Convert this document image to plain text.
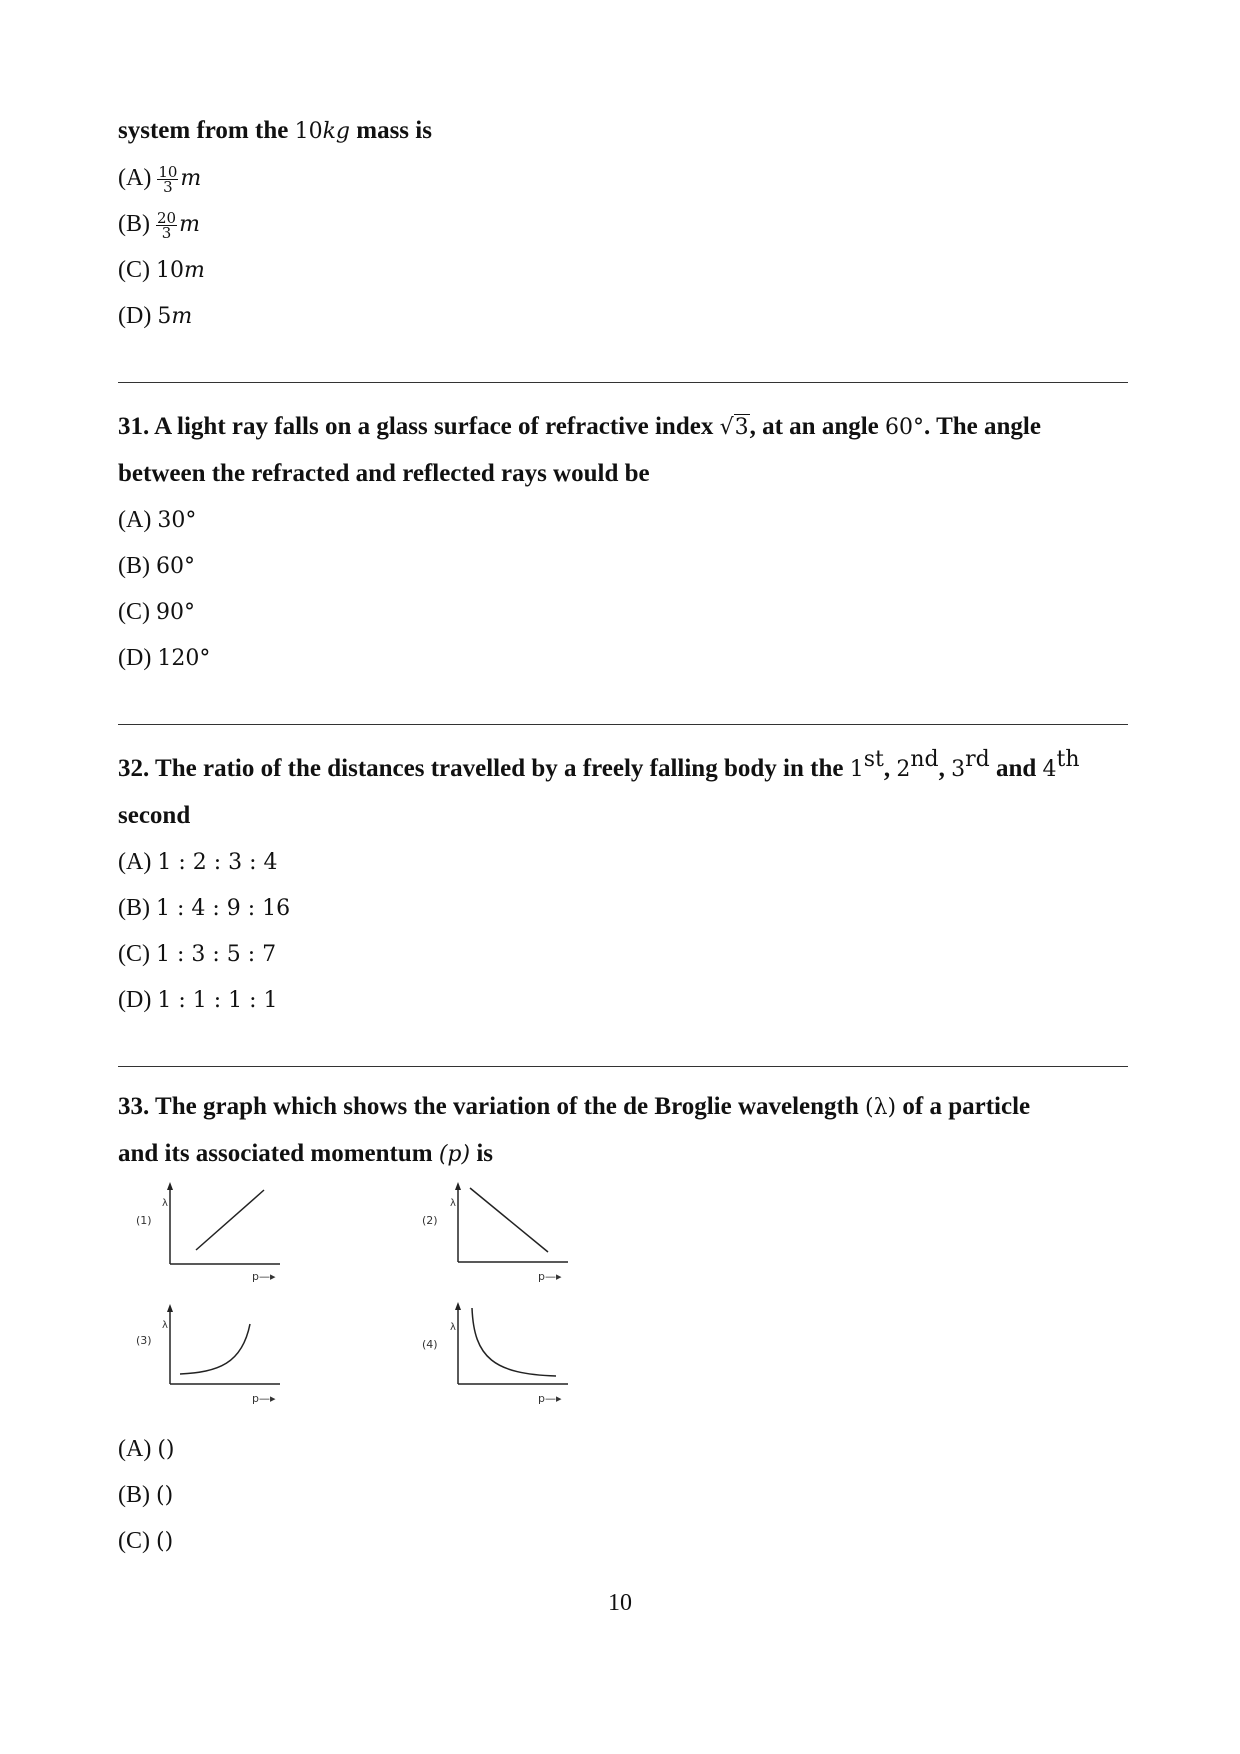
system from the 10kg mass is

$(A) \frac{10}{3}$ m
$(B) \frac{20}{3}$ m
(C) 10m
(D) 5m

31. A light ray falls on a glass surface of refractive index √3, at an angle 60°. The angle
between the refracted and reflected rays would be

(A) 30°
(B) 60°
(C) 90°
(D) 120°

32. The ratio of the distances travelled by a freely falling body in the 1st, 2nd, 3rd and 4th
second

(A) 1 : 2 : 3 : 4
(B) 1 : 4 : 9 : 16
(C) 1 : 3 : 5 : 7
(D) 1 : 1 : 1 : 1

33. The graph which shows the variation of the de Broglie wavelength (λ) of a particle
and its associated momentum (p) is

(1)
λ
p—▸
(2)
λ
p—▸
(3)
λ
p—▸
(4)
λ
p—▸
(A) ()
(B) ()
(C) ()
10
